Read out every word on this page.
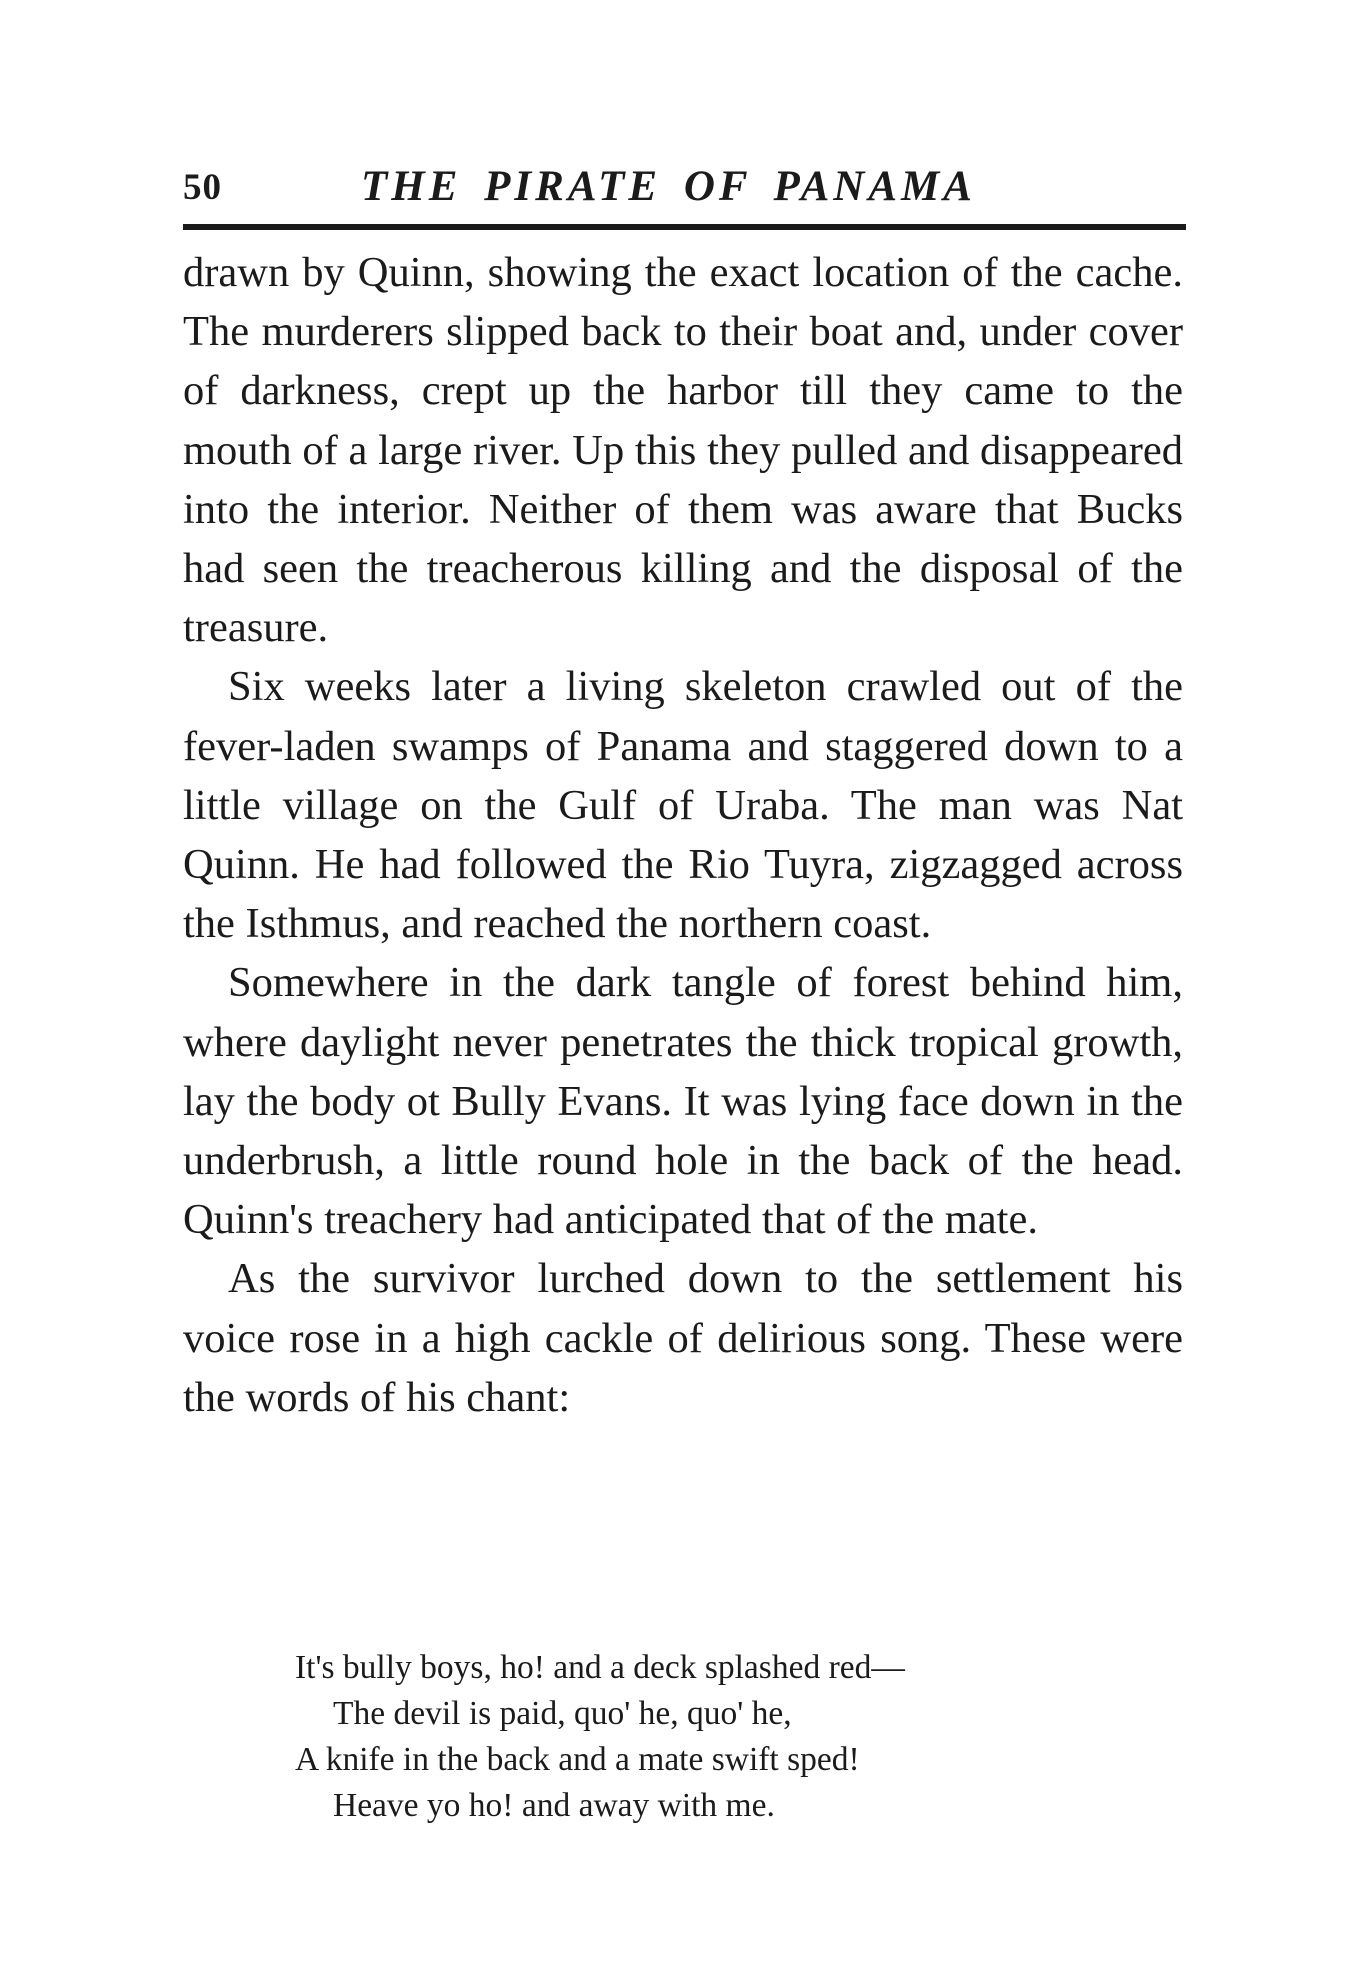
50	THE PIRATE OF PANAMA

drawn by Quinn, showing the exact location of the cache. The murderers slipped back to their boat and, under cover of darkness, crept up the harbor till they came to the mouth of a large river. Up this they pulled and disappeared into the interior. Neither of them was aware that Bucks had seen the treacherous killing and the disposal of the treasure.

Six weeks later a living skeleton crawled out of the fever-laden swamps of Panama and staggered down to a little village on the Gulf of Uraba. The man was Nat Quinn. He had followed the Rio Tuyra, zigzagged across the Isthmus, and reached the northern coast.

Somewhere in the dark tangle of forest behind him, where daylight never penetrates the thick tropical growth, lay the body ot Bully Evans. It was lying face down in the underbrush, a little round hole in the back of the head. Quinn's treachery had anticipated that of the mate.

As the survivor lurched down to the settlement his voice rose in a high cackle of delirious song. These were the words of his chant:

It's bully boys, ho! and a deck splashed red—
The devil is paid, quo' he, quo' he,
A knife in the back and a mate swift sped!
Heave yo ho! and away with me.
